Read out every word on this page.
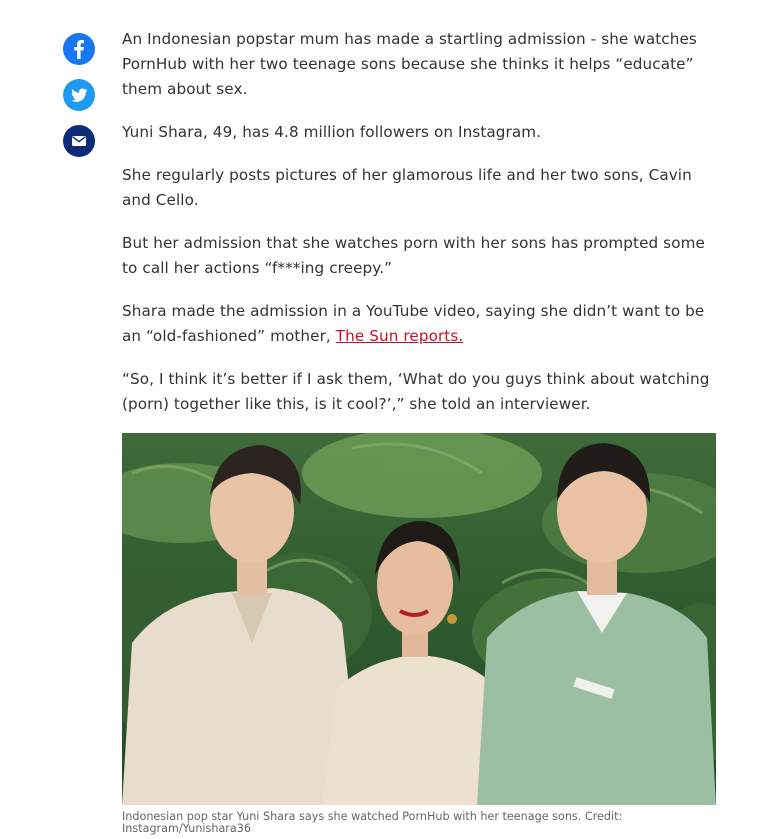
An Indonesian popstar mum has made a startling admission - she watches PornHub with her two teenage sons because she thinks it helps “educate” them about sex.

Yuni Shara, 49, has 4.8 million followers on Instagram.

She regularly posts pictures of her glamorous life and her two sons, Cavin and Cello.

But her admission that she watches porn with her sons has prompted some to call her actions “f***ing creepy.”

Shara made the admission in a YouTube video, saying she didn’t want to be an “old-fashioned” mother, The Sun reports.

“So, I think it’s better if I ask them, ‘What do you guys think about watching (porn) together like this, is it cool?’,” she told an interviewer.

Indonesian pop star Yuni Shara says she watched PornHub with her teenage sons. Credit: Instagram/Yunishara36
